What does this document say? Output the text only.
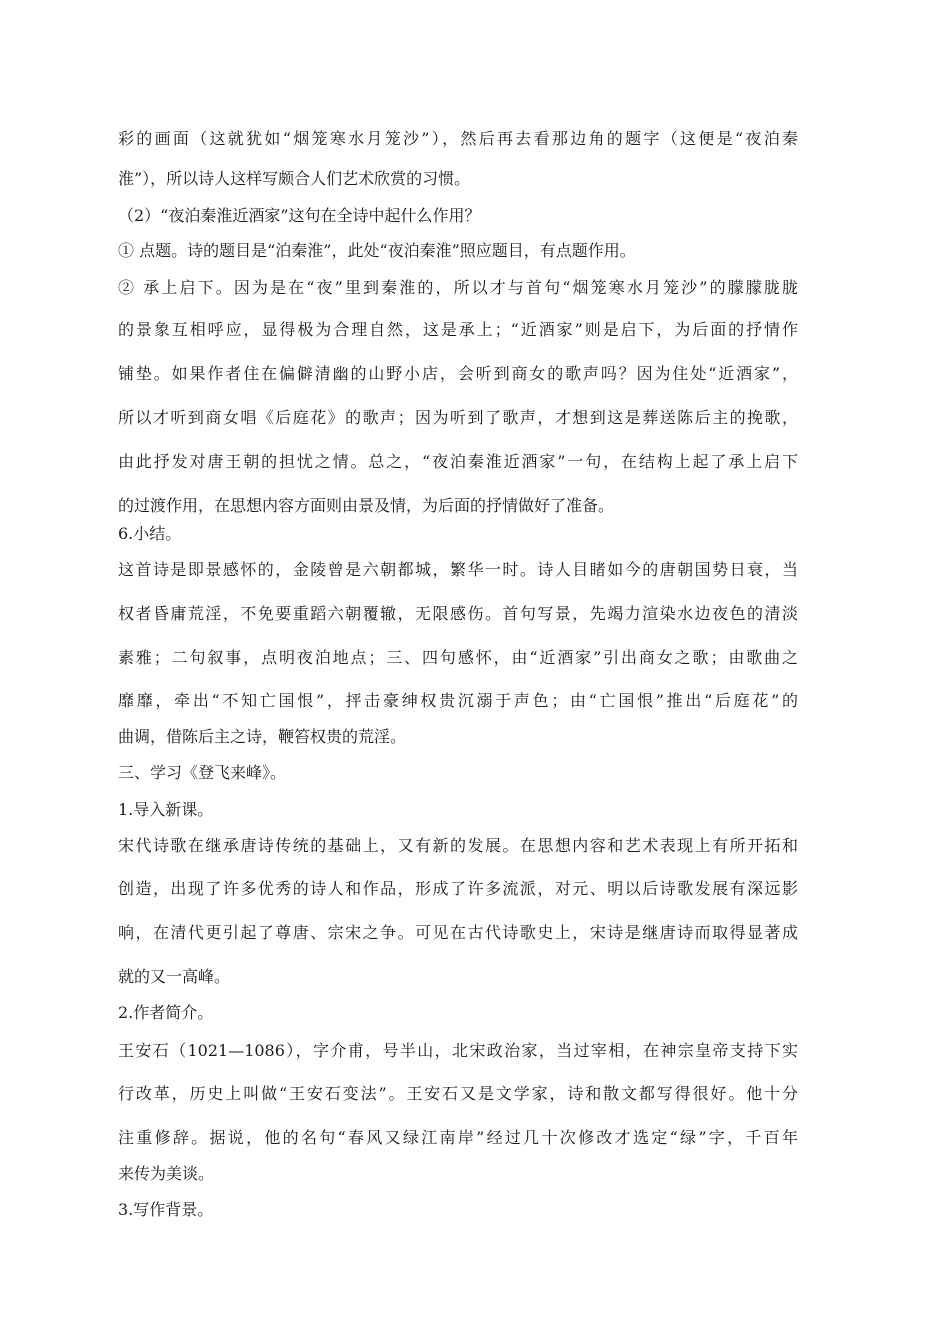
彩的画面（这就犹如“烟笼寒水月笼沙”），然后再去看那边角的题字（这便是“夜泊秦
淮”），所以诗人这样写颇合人们艺术欣赏的习惯。
（2）“夜泊秦淮近酒家”这句在全诗中起什么作用？
① 点题。诗的题目是“泊秦淮”，此处“夜泊秦淮”照应题目，有点题作用。
② 承上启下。因为是在“夜”里到秦淮的，所以才与首句“烟笼寒水月笼沙”的朦朦胧胧
的景象互相呼应，显得极为合理自然，这是承上；“近酒家”则是启下，为后面的抒情作
铺垫。如果作者住在偏僻清幽的山野小店，会听到商女的歌声吗？因为住处“近酒家”，
所以才听到商女唱《后庭花》的歌声；因为听到了歌声，才想到这是葬送陈后主的挽歌，
由此抒发对唐王朝的担忧之情。总之，“夜泊秦淮近酒家”一句，在结构上起了承上启下
的过渡作用，在思想内容方面则由景及情，为后面的抒情做好了准备。
6.小结。
这首诗是即景感怀的，金陵曾是六朝都城，繁华一时。诗人目睹如今的唐朝国势日衰，当
权者昏庸荒淫，不免要重蹈六朝覆辙，无限感伤。首句写景，先竭力渲染水边夜色的清淡
素雅；二句叙事，点明夜泊地点；三、四句感怀，由“近酒家”引出商女之歌；由歌曲之
靡靡，牵出“不知亡国恨”，抨击豪绅权贵沉溺于声色；由“亡国恨”推出“后庭花”的
曲调，借陈后主之诗，鞭笞权贵的荒淫。
三、学习《登飞来峰》。
1.导入新课。
宋代诗歌在继承唐诗传统的基础上，又有新的发展。在思想内容和艺术表现上有所开拓和
创造，出现了许多优秀的诗人和作品，形成了许多流派，对元、明以后诗歌发展有深远影
响，在清代更引起了尊唐、宗宋之争。可见在古代诗歌史上，宋诗是继唐诗而取得显著成
就的又一高峰。
2.作者简介。
王安石（1021—1086），字介甫，号半山，北宋政治家，当过宰相，在神宗皇帝支持下实
行改革，历史上叫做“王安石变法”。王安石又是文学家，诗和散文都写得很好。他十分
注重修辞。据说，他的名句“春风又绿江南岸”经过几十次修改才选定“绿”字，千百年
来传为美谈。
3.写作背景。
